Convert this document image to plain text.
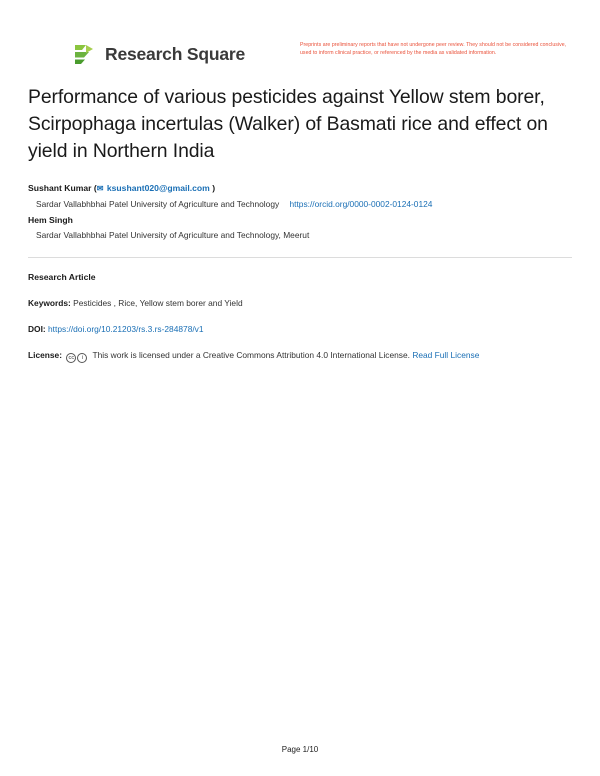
Research Square	Preprints are preliminary reports that have not undergone peer review. They should not be considered conclusive, used to inform clinical practice, or referenced by the media as validated information.
Performance of various pesticides against Yellow stem borer, Scirpophaga incertulas (Walker) of Basmati rice and effect on yield in Northern India
Sushant Kumar (✉ ksushant020@gmail.com )
Sardar Vallabhbhai Patel University of Agriculture and Technology https://orcid.org/0000-0002-0124-0124
Hem Singh
Sardar Vallabhbhai Patel University of Agriculture and Technology, Meerut
Research Article
Keywords: Pesticides , Rice, Yellow stem borer and Yield
DOI: https://doi.org/10.21203/rs.3.rs-284878/v1
License: cc i This work is licensed under a Creative Commons Attribution 4.0 International License. Read Full License
Page 1/10
